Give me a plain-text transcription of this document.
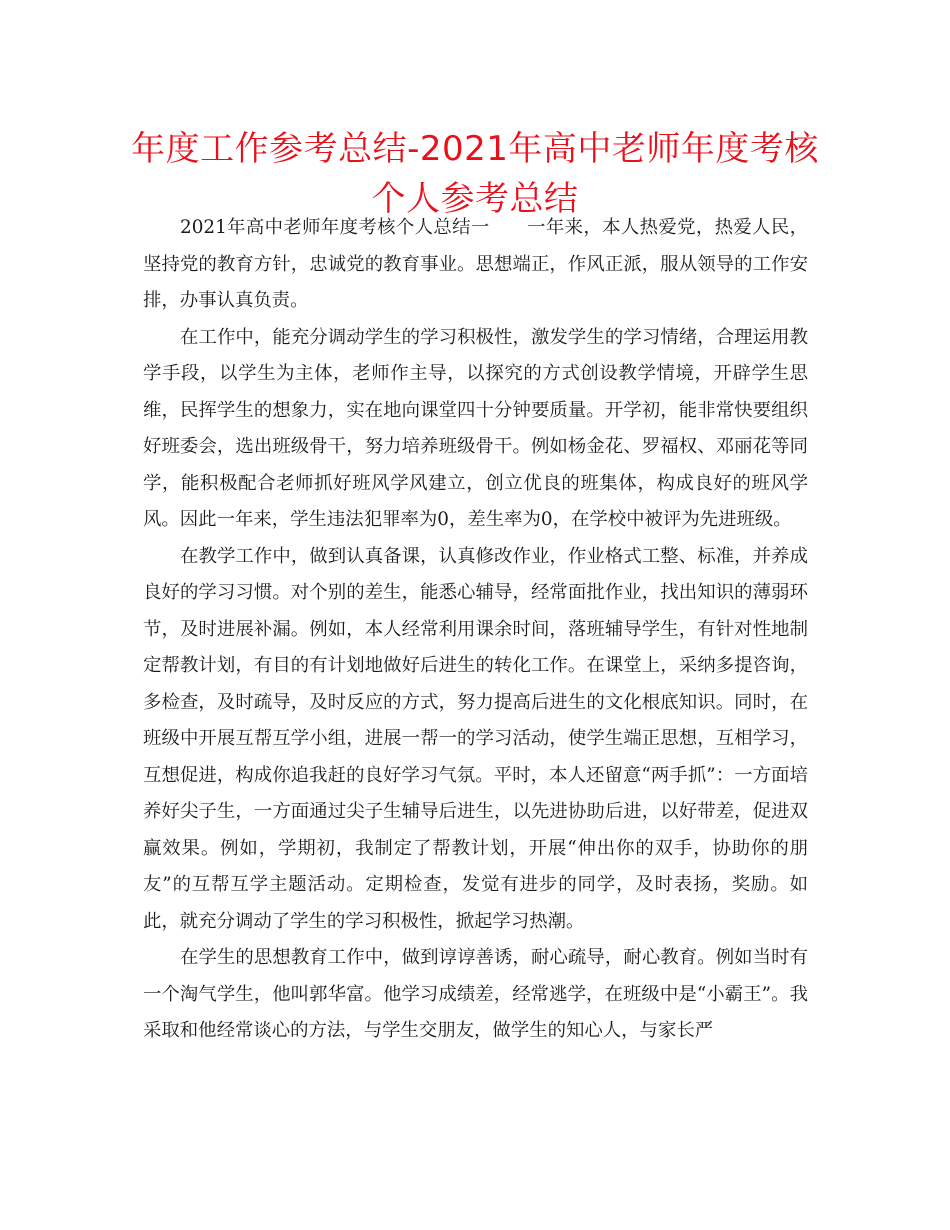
年度工作参考总结-2021年高中老师年度考核个人参考总结

2021年高中老师年度考核个人总结一　　一年来，本人热爱党，热爱人民，坚持党的教育方针，忠诚党的教育事业。思想端正，作风正派，服从领导的工作安排，办事认真负责。

在工作中，能充分调动学生的学习积极性，激发学生的学习情绪，合理运用教学手段，以学生为主体，老师作主导，以探究的方式创设教学情境，开辟学生思维，民挥学生的想象力，实在地向课堂四十分钟要质量。开学初，能非常快要组织好班委会，选出班级骨干，努力培养班级骨干。例如杨金花、罗福权、邓丽花等同学，能积极配合老师抓好班风学风建立，创立优良的班集体，构成良好的班风学风。因此一年来，学生违法犯罪率为0，差生率为0，在学校中被评为先进班级。

在教学工作中，做到认真备课，认真修改作业，作业格式工整、标准，并养成良好的学习习惯。对个别的差生，能悉心辅导，经常面批作业，找出知识的薄弱环节，及时进展补漏。例如，本人经常利用课余时间，落班辅导学生，有针对性地制定帮教计划，有目的有计划地做好后进生的转化工作。在课堂上，采纳多提咨询，多检查，及时疏导，及时反应的方式，努力提高后进生的文化根底知识。同时，在班级中开展互帮互学小组，进展一帮一的学习活动，使学生端正思想，互相学习，互想促进，构成你追我赶的良好学习气氛。平时，本人还留意“两手抓”：一方面培养好尖子生，一方面通过尖子生辅导后进生，以先进协助后进，以好带差，促进双赢效果。例如，学期初，我制定了帮教计划，开展“伸出你的双手，协助你的朋友”的互帮互学主题活动。定期检查，发觉有进步的同学，及时表扬，奖励。如此，就充分调动了学生的学习积极性，掀起学习热潮。

在学生的思想教育工作中，做到谆谆善诱，耐心疏导，耐心教育。例如当时有一个淘气学生，他叫郭华富。他学习成绩差，经常逃学，在班级中是“小霸王”。我采取和他经常谈心的方法，与学生交朋友，做学生的知心人，与家长严
